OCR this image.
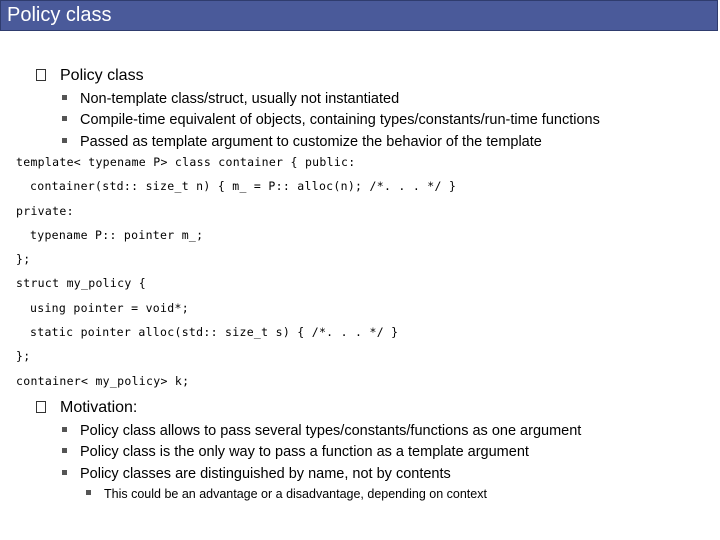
Policy class
Policy class
Non-template class/struct, usually not instantiated
Compile-time equivalent of objects, containing types/constants/run-time functions
Passed as template argument to customize the behavior of the template
template< typename P> class container { public:
container(std:: size_t n) { m_ = P:: alloc(n); /*. . . */ }
private:
typename P:: pointer m_;
};
struct my_policy {
using pointer = void*;
static pointer alloc(std:: size_t s) { /*. . . */ }
};
container< my_policy> k;
Motivation:
Policy class allows to pass several types/constants/functions as one argument
Policy class is the only way to pass a function as a template argument
Policy classes are distinguished by name, not by contents
This could be an advantage or a disadvantage, depending on context
